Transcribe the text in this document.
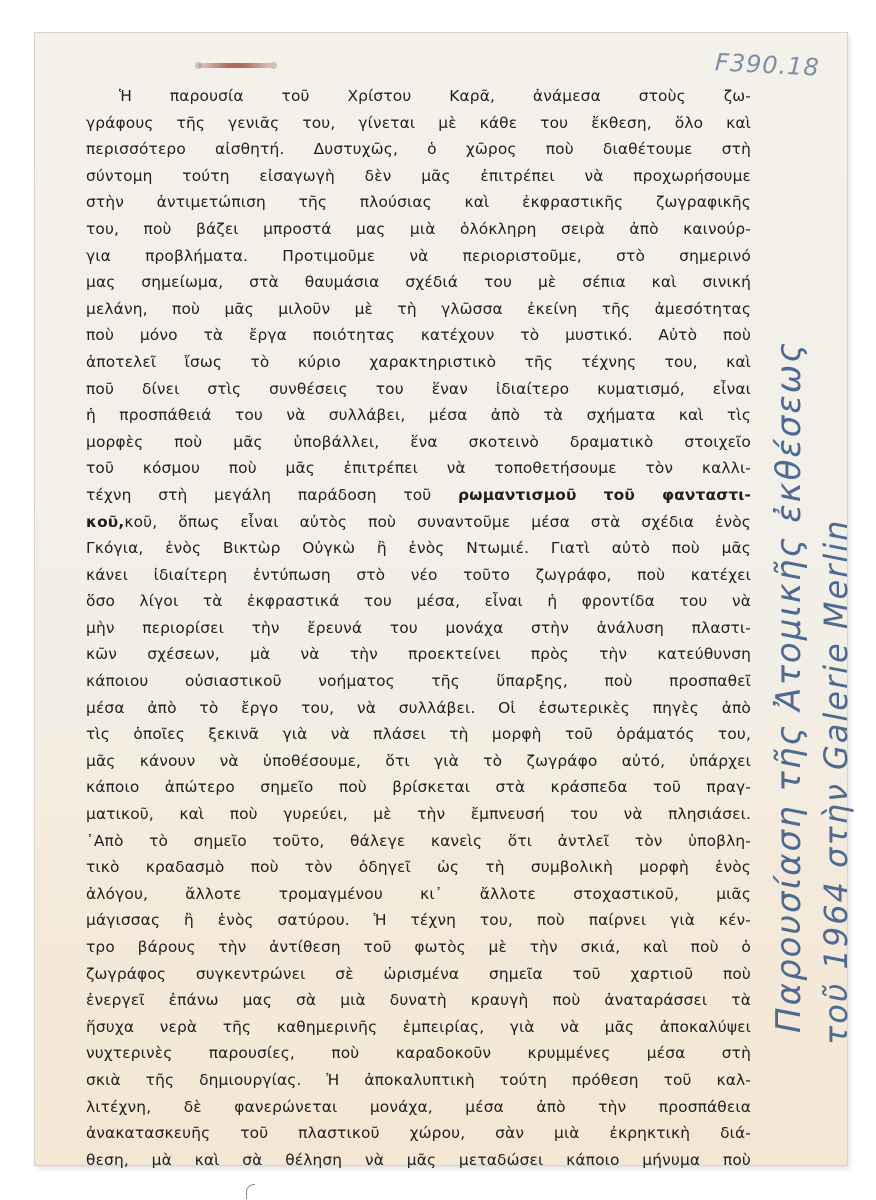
F390.18
Ἡ παρουσία τοῦ Χρίστου Καρᾶ, ἀνάμεσα στοὺς ζω-
γράφους τῆς γενιᾶς του, γίνεται μὲ κάθε του ἔκθεση, ὅλο καὶ
περισσότερο αἰσθητή. Δυστυχῶς, ὁ χῶρος ποὺ διαθέτουμε στὴ
σύντομη τούτη εἰσαγωγὴ δὲν μᾶς ἐπιτρέπει νὰ προχωρήσουμε
στὴν ἀντιμετώπιση τῆς πλούσιας καὶ ἐκφραστικῆς ζωγραφικῆς
του, ποὺ βάζει μπροστά μας μιὰ ὁλόκληρη σειρὰ ἀπὸ καινούρ-
για προβλήματα. Προτιμοῦμε νὰ περιοριστοῦμε, στὸ σημερινό
μας σημείωμα, στὰ θαυμάσια σχέδιά του μὲ σέπια καὶ σινική
μελάνη, ποὺ μᾶς μιλοῦν μὲ τὴ γλῶσσα ἐκείνη τῆς ἀμεσότητας
ποὺ μόνο τὰ ἔργα ποιότητας κατέχουν τὸ μυστικό. Αὐτὸ ποὺ
ἀποτελεῖ ἴσως τὸ κύριο χαρακτηριστικὸ τῆς τέχνης του, καὶ
ποῦ δίνει στὶς συνθέσεις του ἕναν ἰδιαίτερο κυματισμό, εἶναι
ἡ προσπάθειά του νὰ συλλάβει, μέσα ἀπὸ τὰ σχήματα καὶ τὶς
μορφὲς ποὺ μᾶς ὑποβάλλει, ἕνα σκοτεινὸ δραματικὸ στοιχεῖο
τοῦ κόσμου ποὺ μᾶς ἐπιτρέπει νὰ τοποθετήσουμε τὸν καλλι-
τέχνη στὴ μεγάλη παράδοση τοῦ ρωμαντισμοῦ τοῦ φανταστι-
κοῦ,κοῦ, ὅπως εἶναι αὐτὸς ποὺ συναντοῦμε μέσα στὰ σχέδια ἑνὸς
Γκόγια, ἑνὸς Βικτὼρ Οὐγκὼ ἢ ἑνὸς Ντωμιέ. Γιατὶ αὐτὸ ποὺ μᾶς
κάνει ἰδιαίτερη ἐντύπωση στὸ νέο τοῦτο ζωγράφο, ποὺ κατέχει
ὅσο λίγοι τὰ ἐκφραστικά του μέσα, εἶναι ἡ φροντίδα του νὰ
μὴν περιορίσει τὴν ἔρευνά του μονάχα στὴν ἀνάλυση πλαστι-
κῶν σχέσεων, μὰ νὰ τὴν προεκτείνει πρὸς τὴν κατεύθυνση
κάποιου οὐσιαστικοῦ νοήματος τῆς ὕπαρξης, ποὺ προσπαθεῖ
μέσα ἀπὸ τὸ ἔργο του, νὰ συλλάβει. Οἱ ἐσωτερικὲς πηγὲς ἀπὸ
τὶς ὁποῖες ξεκινᾶ γιὰ νὰ πλάσει τὴ μορφὴ τοῦ ὁράματός του,
μᾶς κάνουν νὰ ὑποθέσουμε, ὅτι γιὰ τὸ ζωγράφο αὐτό, ὑπάρχει
κάποιο ἀπώτερο σημεῖο ποὺ βρίσκεται στὰ κράσπεδα τοῦ πραγ-
ματικοῦ, καὶ ποὺ γυρεύει, μὲ τὴν ἔμπνευσή του νὰ πλησιάσει.
᾽Απὸ τὸ σημεῖο τοῦτο, θάλεγε κανεὶς ὅτι ἀντλεῖ τὸν ὑποβλη-
τικὸ κραδασμὸ ποὺ τὸν ὁδηγεῖ ὡς τὴ συμβολικὴ μορφὴ ἑνὸς
ἀλόγου, ἄλλοτε τρομαγμένου κι᾽ ἄλλοτε στοχαστικοῦ, μιᾶς
μάγισσας ἢ ἑνὸς σατύρου. Ἡ τέχνη του, ποὺ παίρνει γιὰ κέν-
τρο βάρους τὴν ἀντίθεση τοῦ φωτὸς μὲ τὴν σκιά, καὶ ποὺ ὁ
ζωγράφος συγκεντρώνει σὲ ὡρισμένα σημεῖα τοῦ χαρτιοῦ ποὺ
ἐνεργεῖ ἐπάνω μας σὰ μιὰ δυνατὴ κραυγὴ ποὺ ἀναταράσσει τὰ
ἥσυχα νερὰ τῆς καθημερινῆς ἐμπειρίας, γιὰ νὰ μᾶς ἀποκαλύψει
νυχτερινὲς παρουσίες, ποὺ καραδοκοῦν κρυμμένες μέσα στὴ
σκιὰ τῆς δημιουργίας. Ἡ ἀποκαλυπτικὴ τούτη πρόθεση τοῦ καλ-
λιτέχνη, δὲ φανερώνεται μονάχα, μέσα ἀπὸ τὴν προσπάθεια
ἀνακατασκευῆς τοῦ πλαστικοῦ χώρου, σὰν μιὰ ἐκρηκτικὴ διά-
θεση, μὰ καὶ σὰ θέληση νὰ μᾶς μεταδώσει κάποιο μήνυμα ποὺ
Παρουσίαση τῆς Ἀτομικῆς ἐκθέσεως τοῦ 1964 στὴν Galerie Merlin
